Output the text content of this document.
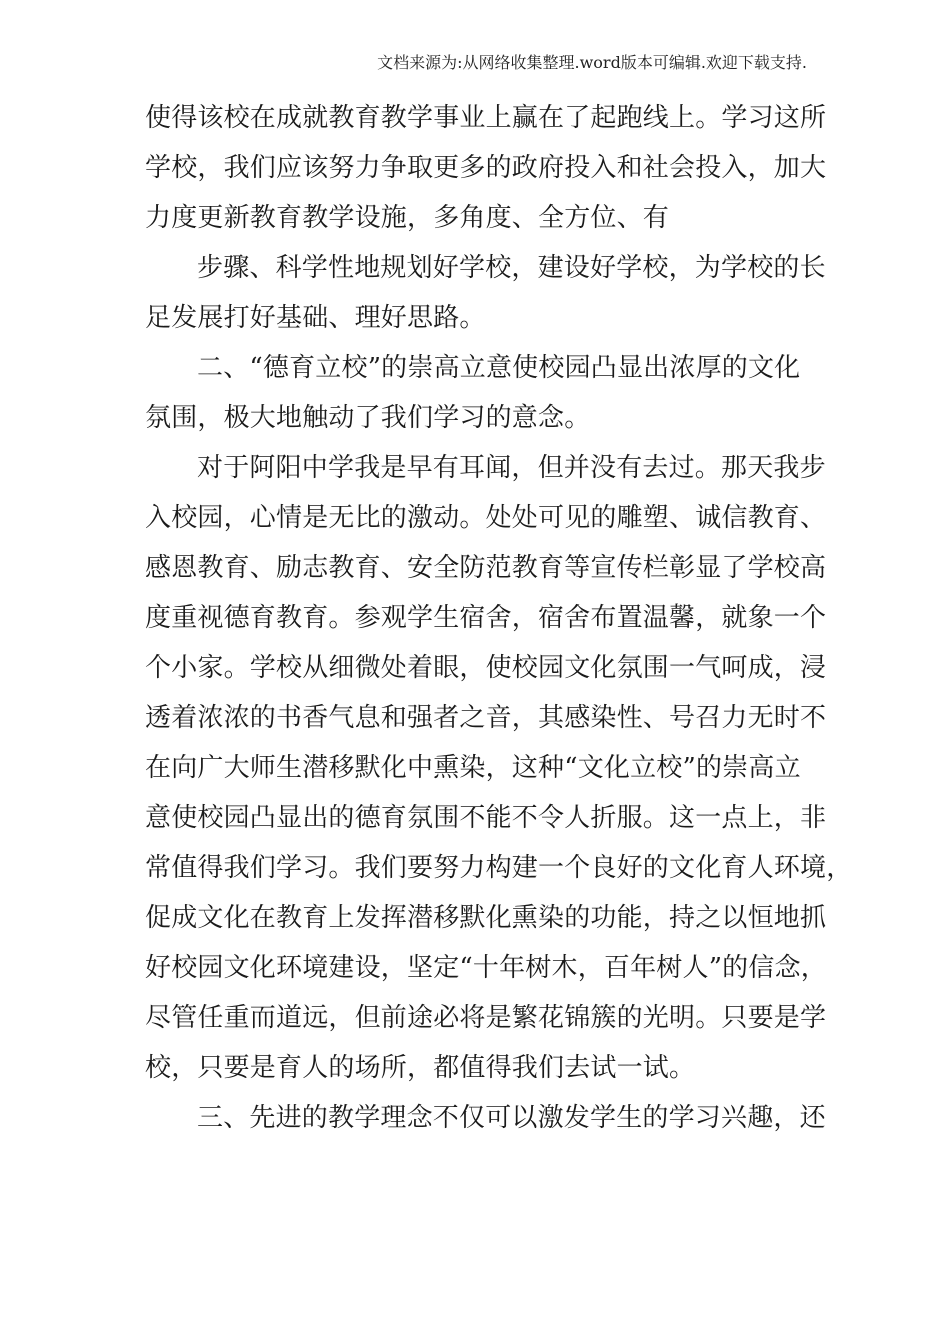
文档来源为:从网络收集整理.word版本可编辑.欢迎下载支持.
使得该校在成就教育教学事业上赢在了起跑线上。学习这所
学校，我们应该努力争取更多的政府投入和社会投入，加大
力度更新教育教学设施，多角度、全方位、有
步骤、科学性地规划好学校，建设好学校，为学校的长
足发展打好基础、理好思路。
二、“德育立校”的崇高立意使校园凸显出浓厚的文化
氛围，极大地触动了我们学习的意念。
对于阿阳中学我是早有耳闻，但并没有去过。那天我步
入校园，心情是无比的激动。处处可见的雕塑、诚信教育、
感恩教育、励志教育、安全防范教育等宣传栏彰显了学校高
度重视德育教育。参观学生宿舍，宿舍布置温馨，就象一个
个小家。学校从细微处着眼，使校园文化氛围一气呵成，浸
透着浓浓的书香气息和强者之音，其感染性、号召力无时不
在向广大师生潜移默化中熏染，这种“文化立校”的崇高立
意使校园凸显出的德育氛围不能不令人折服。这一点上，非
常值得我们学习。我们要努力构建一个良好的文化育人环境，
促成文化在教育上发挥潜移默化熏染的功能，持之以恒地抓
好校园文化环境建设，坚定“十年树木，百年树人”的信念，
尽管任重而道远，但前途必将是繁花锦簇的光明。只要是学
校，只要是育人的场所，都值得我们去试一试。
三、先进的教学理念不仅可以激发学生的学习兴趣，还
